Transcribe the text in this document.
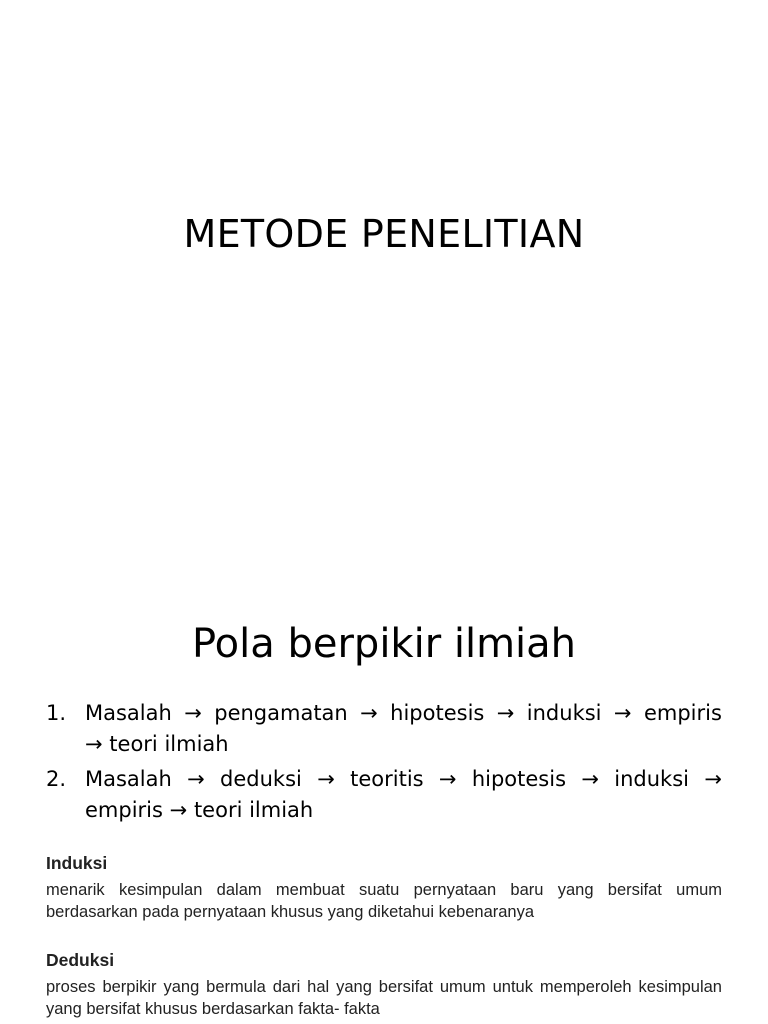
METODE PENELITIAN
Pola berpikir ilmiah
1. Masalah → pengamatan → hipotesis → induksi → empiris
→ teori ilmiah
2. Masalah → deduksi → teoritis → hipotesis → induksi →
empiris → teori ilmiah

Induksi

menarik kesimpulan dalam membuat suatu pernyataan baru yang bersifat umum berdasarkan pada pernyataan khusus yang diketahui kebenaranya

Deduksi

proses berpikir yang bermula dari hal yang bersifat umum untuk memperoleh kesimpulan yang bersifat khusus berdasarkan fakta- fakta
